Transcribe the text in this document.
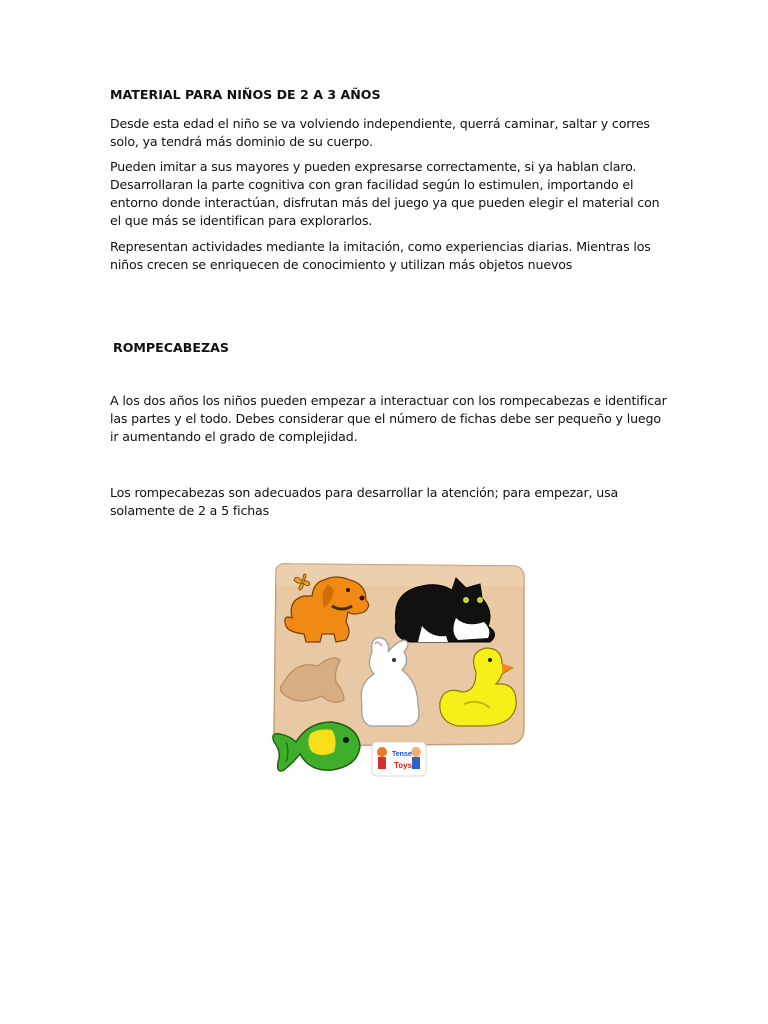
MATERIAL PARA NIÑOS DE 2 A 3 AÑOS

Desde esta edad el niño se va volviendo independiente, querrá caminar, saltar y corres solo, ya tendrá más dominio de su cuerpo.

Pueden imitar a sus mayores y pueden expresarse correctamente, si ya hablan claro. Desarrollaran la parte cognitiva con gran facilidad según lo estimulen, importando el entorno donde interactúan, disfrutan más del juego ya que pueden elegir el material con el que más se identifican para explorarlos.

Representan actividades mediante la imitación, como experiencias diarias. Mientras los niños crecen se enriquecen de conocimiento y utilizan más objetos nuevos

ROMPECABEZAS

A los dos años los niños pueden empezar a interactuar con los rompecabezas e identificar las partes y el todo. Debes considerar que el número de fichas debe ser pequeño y luego ir aumentando el grado de complejidad.

Los rompecabezas son adecuados para desarrollar la atención; para empezar, usa solamente de 2 a 5 fichas

Tense
Toys
